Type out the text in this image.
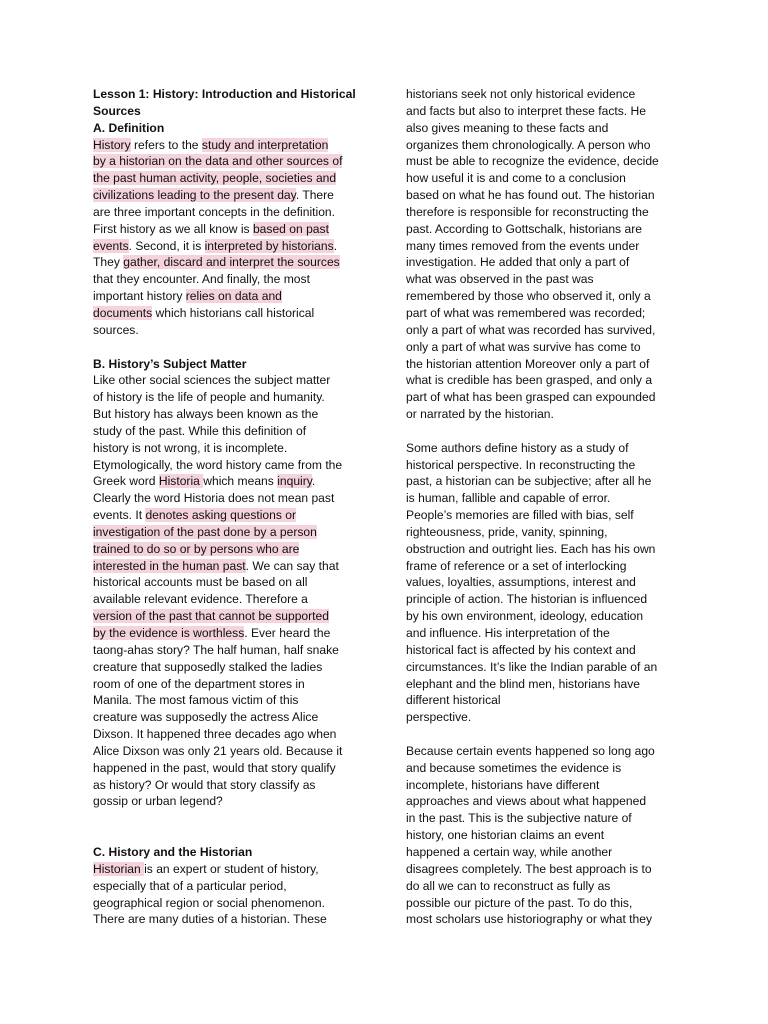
Lesson 1: History: Introduction and Historical
Sources
A. Definition
History refers to the study and interpretation
by a historian on the data and other sources of
the past human activity, people, societies and
civilizations leading to the present day. There
are three important concepts in the definition.
First history as we all know is based on past
events. Second, it is interpreted by historians.
They gather, discard and interpret the sources
that they encounter. And finally, the most
important history relies on data and
documents which historians call historical
sources.
B. History’s Subject Matter
Like other social sciences the subject matter
of history is the life of people and humanity.
But history has always been known as the
study of the past. While this definition of
history is not wrong, it is incomplete.
Etymologically, the word history came from the
Greek word Historia which means inquiry.
Clearly the word Historia does not mean past
events. It denotes asking questions or
investigation of the past done by a person
trained to do so or by persons who are
interested in the human past. We can say that
historical accounts must be based on all
available relevant evidence. Therefore a
version of the past that cannot be supported
by the evidence is worthless. Ever heard the
taong-ahas story? The half human, half snake
creature that supposedly stalked the ladies
room of one of the department stores in
Manila. The most famous victim of this
creature was supposedly the actress Alice
Dixson. It happened three decades ago when
Alice Dixson was only 21 years old. Because it
happened in the past, would that story qualify
as history? Or would that story classify as
gossip or urban legend?
C. History and the Historian
Historian is an expert or student of history,
especially that of a particular period,
geographical region or social phenomenon.
There are many duties of a historian. These
historians seek not only historical evidence
and facts but also to interpret these facts. He
also gives meaning to these facts and
organizes them chronologically. A person who
must be able to recognize the evidence, decide
how useful it is and come to a conclusion
based on what he has found out. The historian
therefore is responsible for reconstructing the
past. According to Gottschalk, historians are
many times removed from the events under
investigation. He added that only a part of
what was observed in the past was
remembered by those who observed it, only a
part of what was remembered was recorded;
only a part of what was recorded has survived,
only a part of what was survive has come to
the historian attention Moreover only a part of
what is credible has been grasped, and only a
part of what has been grasped can expounded
or narrated by the historian.
Some authors define history as a study of
historical perspective. In reconstructing the
past, a historian can be subjective; after all he
is human, fallible and capable of error.
People’s memories are filled with bias, self
righteousness, pride, vanity, spinning,
obstruction and outright lies. Each has his own
frame of reference or a set of interlocking
values, loyalties, assumptions, interest and
principle of action. The historian is influenced
by his own environment, ideology, education
and influence. His interpretation of the
historical fact is affected by his context and
circumstances. It’s like the Indian parable of an
elephant and the blind men, historians have
different historical
perspective.
Because certain events happened so long ago
and because sometimes the evidence is
incomplete, historians have different
approaches and views about what happened
in the past. This is the subjective nature of
history, one historian claims an event
happened a certain way, while another
disagrees completely. The best approach is to
do all we can to reconstruct as fully as
possible our picture of the past. To do this,
most scholars use historiography or what they
